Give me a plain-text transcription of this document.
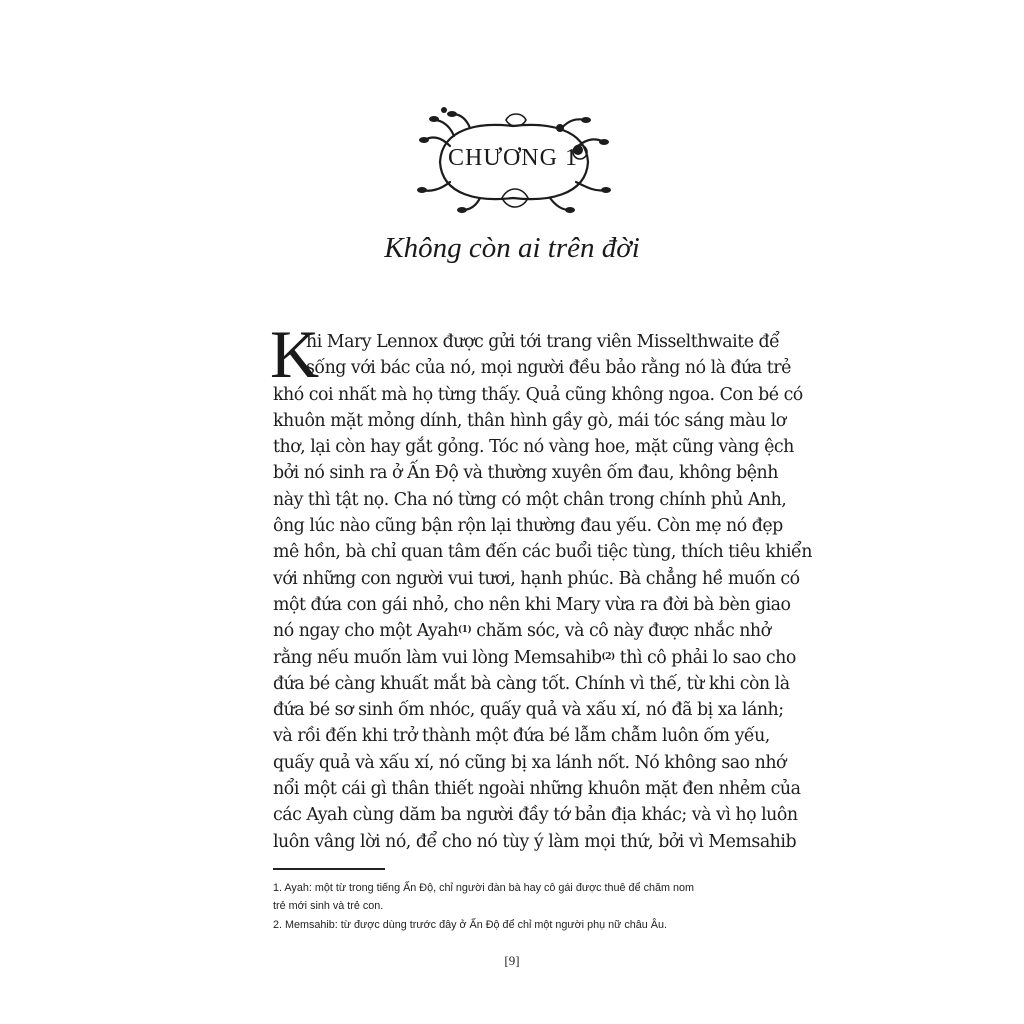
CHƯƠNG 1
Không còn ai trên đời
K
hi Mary Lennox được gửi tới trang viên Misselthwaite để
sống với bác của nó, mọi người đều bảo rằng nó là đứa trẻ
khó coi nhất mà họ từng thấy. Quả cũng không ngoa. Con bé có
khuôn mặt mỏng dính, thân hình gầy gò, mái tóc sáng màu lơ
thơ, lại còn hay gắt gỏng. Tóc nó vàng hoe, mặt cũng vàng ệch
bởi nó sinh ra ở Ấn Độ và thường xuyên ốm đau, không bệnh
này thì tật nọ. Cha nó từng có một chân trong chính phủ Anh,
ông lúc nào cũng bận rộn lại thường đau yếu. Còn mẹ nó đẹp
mê hồn, bà chỉ quan tâm đến các buổi tiệc tùng, thích tiêu khiển
với những con người vui tươi, hạnh phúc. Bà chẳng hề muốn có
một đứa con gái nhỏ, cho nên khi Mary vừa ra đời bà bèn giao
nó ngay cho một Ayah$^{(1)}$ chăm sóc, và cô này được nhắc nhở
rằng nếu muốn làm vui lòng Memsahib$^{(2)}$ thì cô phải lo sao cho
đứa bé càng khuất mắt bà càng tốt. Chính vì thế, từ khi còn là
đứa bé sơ sinh ốm nhóc, quấy quả và xấu xí, nó đã bị xa lánh;
và rồi đến khi trở thành một đứa bé lẫm chẫm luôn ốm yếu,
quấy quả và xấu xí, nó cũng bị xa lánh nốt. Nó không sao nhớ
nổi một cái gì thân thiết ngoài những khuôn mặt đen nhẻm của
các Ayah cùng dăm ba người đầy tớ bản địa khác; và vì họ luôn
luôn vâng lời nó, để cho nó tùy ý làm mọi thứ, bởi vì Memsahib
1. Ayah: một từ trong tiếng Ấn Độ, chỉ người đàn bà hay cô gái được thuê để chăm nom
trẻ mới sinh và trẻ con.
2. Memsahib: từ được dùng trước đây ở Ấn Độ để chỉ một người phụ nữ châu Âu.
[9]
